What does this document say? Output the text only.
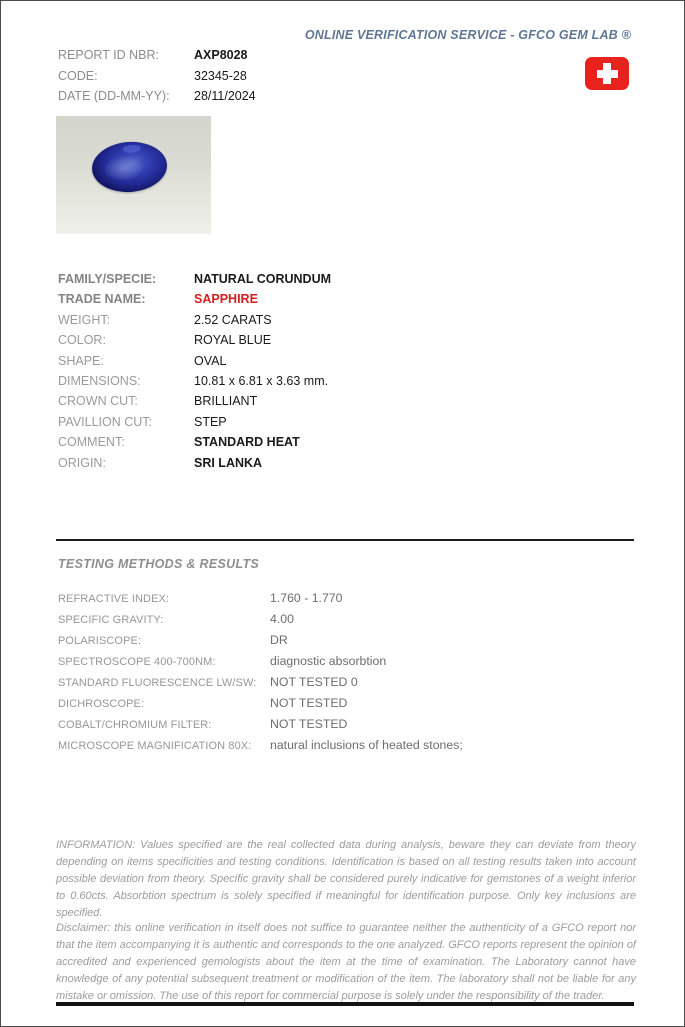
ONLINE VERIFICATION SERVICE - GFCO GEM LAB ®
REPORT ID NBR:	AXP8028
CODE:	32345-28
DATE (DD-MM-YY):	28/11/2024
FAMILY/SPECIE:	NATURAL CORUNDUM
TRADE NAME:	SAPPHIRE
WEIGHT:	2.52 CARATS
COLOR:	ROYAL BLUE
SHAPE:	OVAL
DIMENSIONS:	10.81 x 6.81 x 3.63 mm.
CROWN CUT:	BRILLIANT
PAVILLION CUT:	STEP
COMMENT:	STANDARD HEAT
ORIGIN:	SRI LANKA
TESTING METHODS & RESULTS
REFRACTIVE INDEX:	1.760 - 1.770
SPECIFIC GRAVITY:	4.00
POLARISCOPE:	DR
SPECTROSCOPE 400-700NM:	diagnostic absorbtion
STANDARD FLUORESCENCE LW/SW:	NOT TESTED 0
DICHROSCOPE:	NOT TESTED
COBALT/CHROMIUM FILTER:	NOT TESTED
MICROSCOPE MAGNIFICATION 80X:	natural inclusions of heated stones;
INFORMATION: Values specified are the real collected data during analysis, beware they can deviate from theory depending on items specificities and testing conditions. Identification is based on all testing results taken into account possible deviation from theory. Specific gravity shall be considered purely indicative for gemstones of a weight inferior to 0.60cts. Absorbtion spectrum is solely specified if meaningful for identification purpose. Only key inclusions are specified.
Disclaimer: this online verification in itself does not suffice to guarantee neither the authenticity of a GFCO report nor that the item accompanying it is authentic and corresponds to the one analyzed. GFCO reports represent the opinion of accredited and experienced gemologists about the item at the time of examination. The Laboratory cannot have knowledge of any potential subsequent treatment or modification of the item. The laboratory shall not be liable for any mistake or omission. The use of this report for commercial purpose is solely under the responsibility of the trader.
